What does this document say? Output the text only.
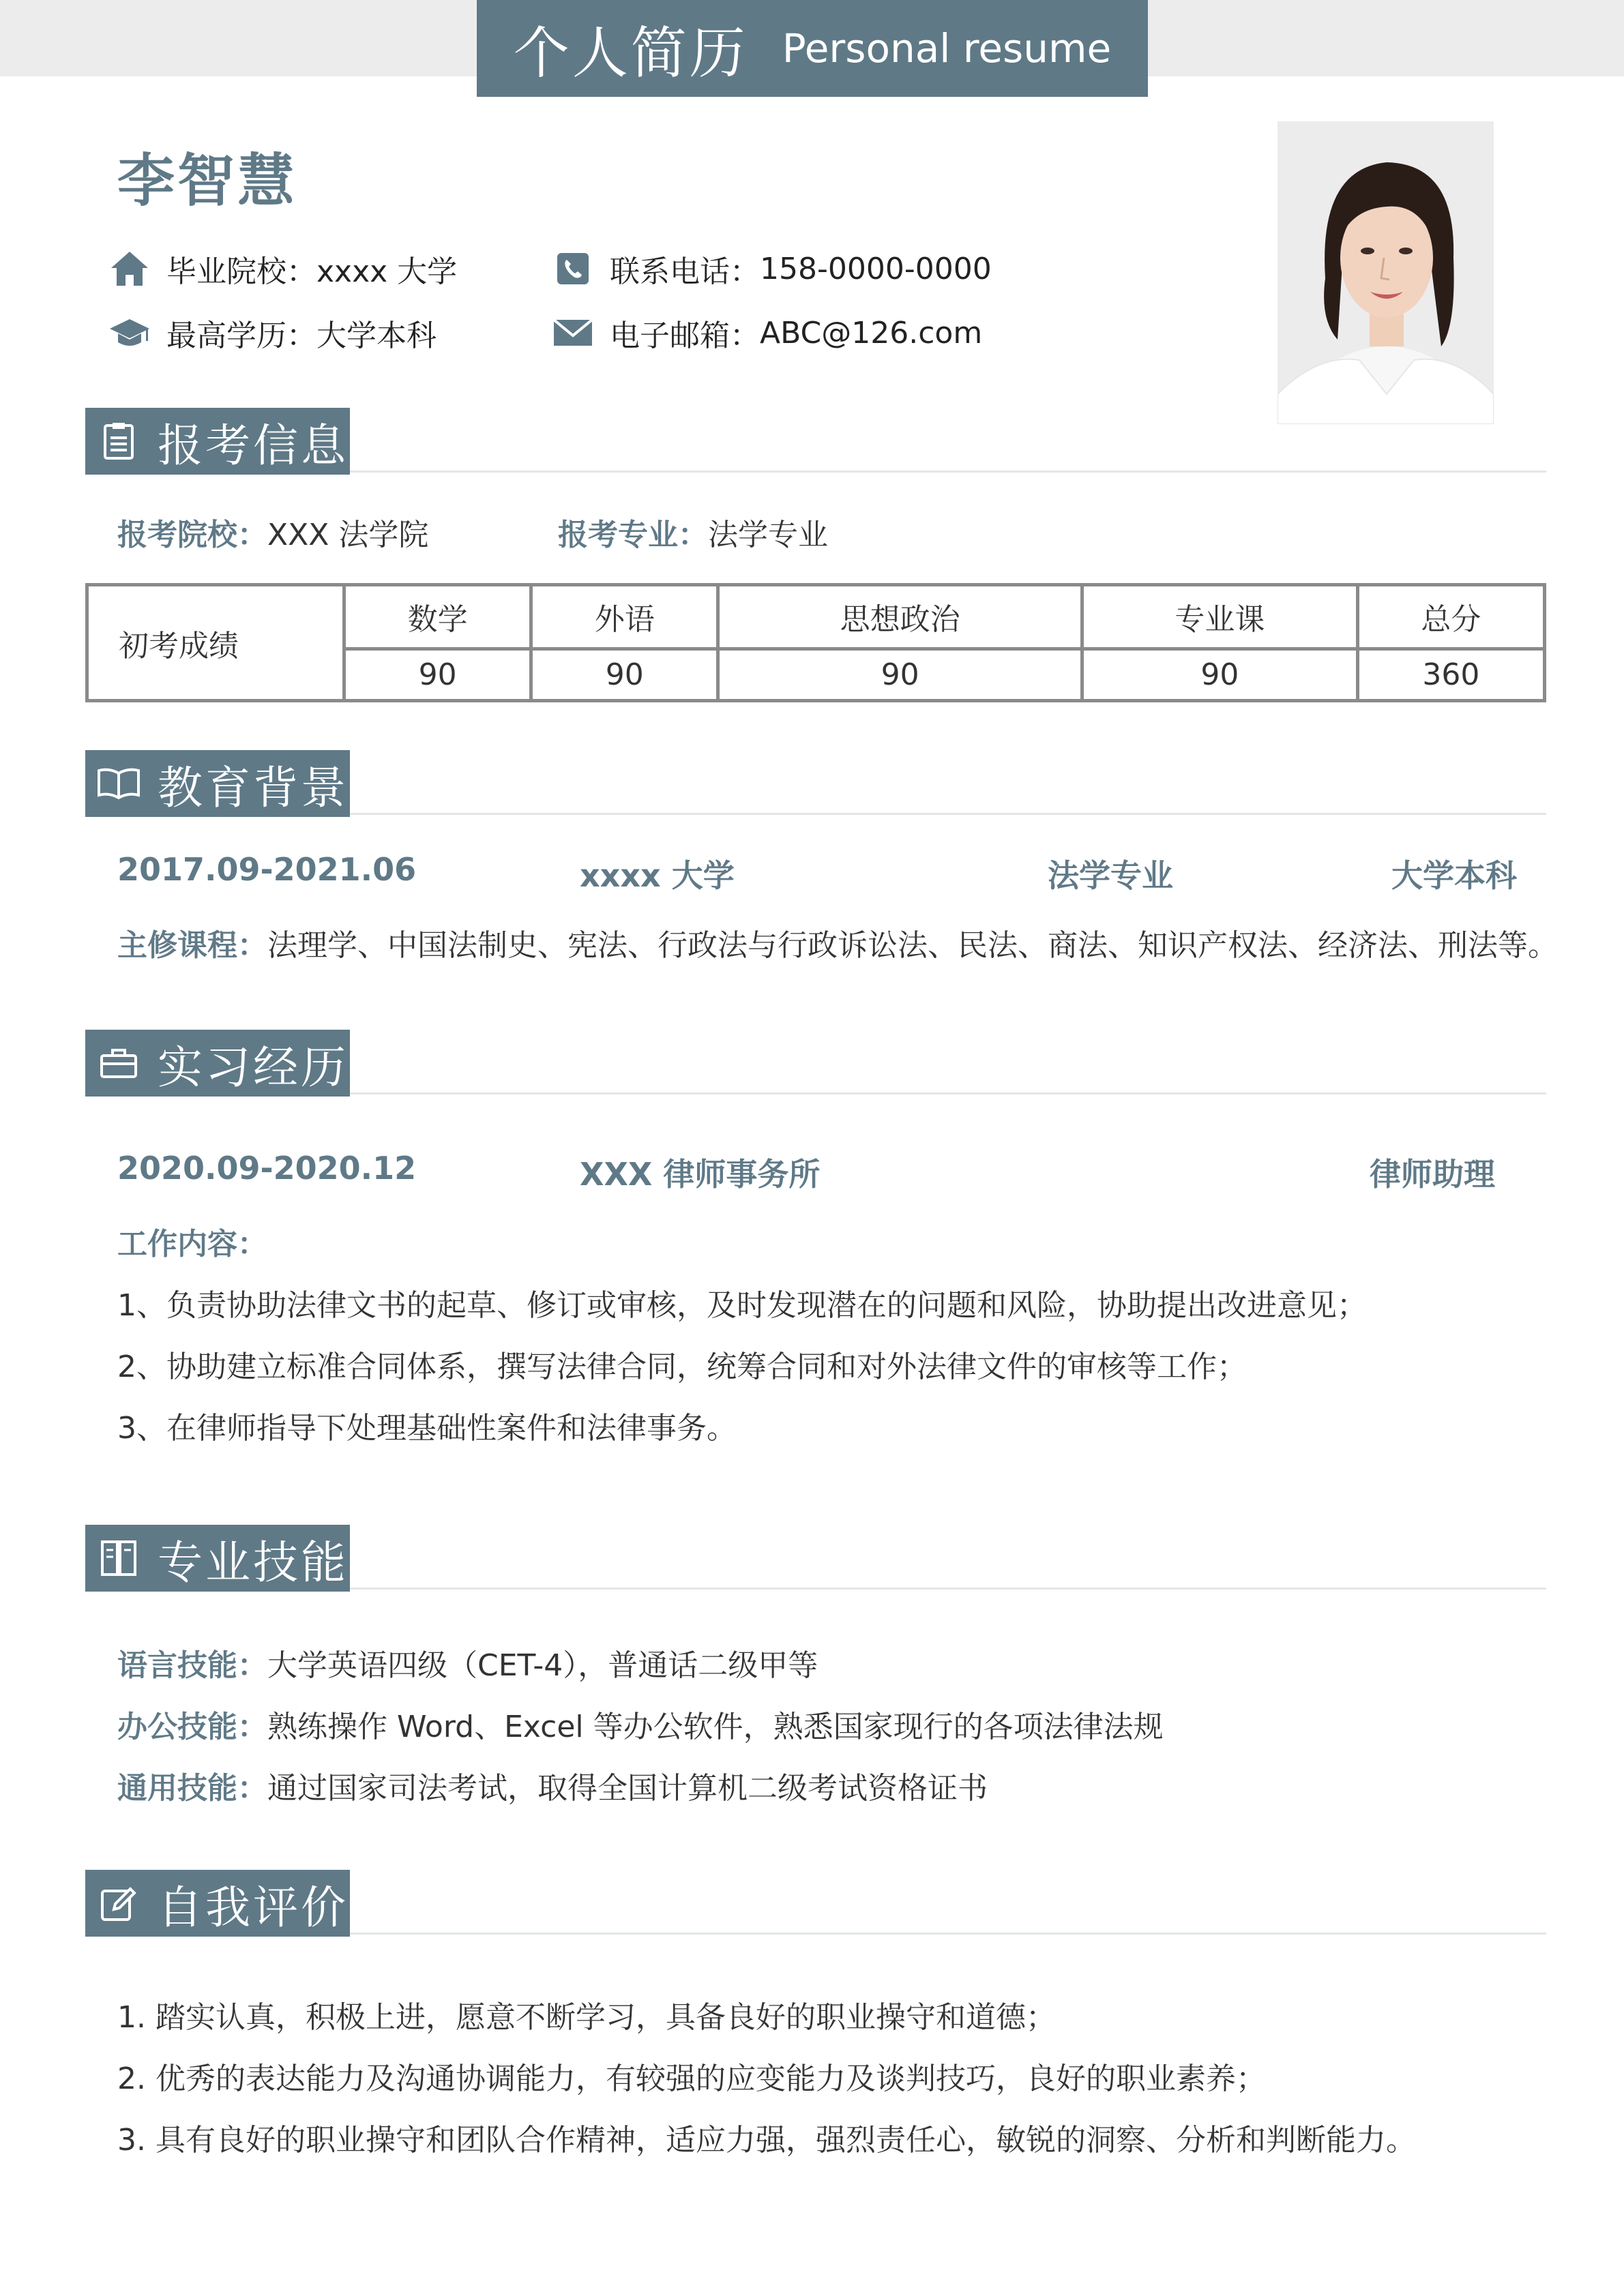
个人简历 Personal resume
李智慧
毕业院校： xxxx 大学
最高学历： 大学本科
联系电话： 158-0000-0000
电子邮箱： ABC@126.com
报考信息
报考院校：XXX 法学院	报考专业：法学专业
初考成绩	数学	外语	思想政治	专业课	总分
	90	90	90	90	360
教育背景
2017.09-2021.06	xxxx 大学	法学专业	大学本科
主修课程：法理学、中国法制史、宪法、行政法与行政诉讼法、民法、商法、知识产权法、经济法、刑法等。
实习经历
2020.09-2020.12	XXX 律师事务所	律师助理
工作内容：
1、负责协助法律文书的起草、修订或审核，及时发现潜在的问题和风险，协助提出改进意见；
2、协助建立标准合同体系，撰写法律合同，统筹合同和对外法律文件的审核等工作；
3、在律师指导下处理基础性案件和法律事务。
专业技能
语言技能：大学英语四级（CET-4），普通话二级甲等
办公技能：熟练操作 Word、Excel 等办公软件，熟悉国家现行的各项法律法规
通用技能：通过国家司法考试，取得全国计算机二级考试资格证书
自我评价
1. 踏实认真，积极上进，愿意不断学习，具备良好的职业操守和道德；
2. 优秀的表达能力及沟通协调能力，有较强的应变能力及谈判技巧，良好的职业素养；
3. 具有良好的职业操守和团队合作精神，适应力强，强烈责任心，敏锐的洞察、分析和判断能力。
